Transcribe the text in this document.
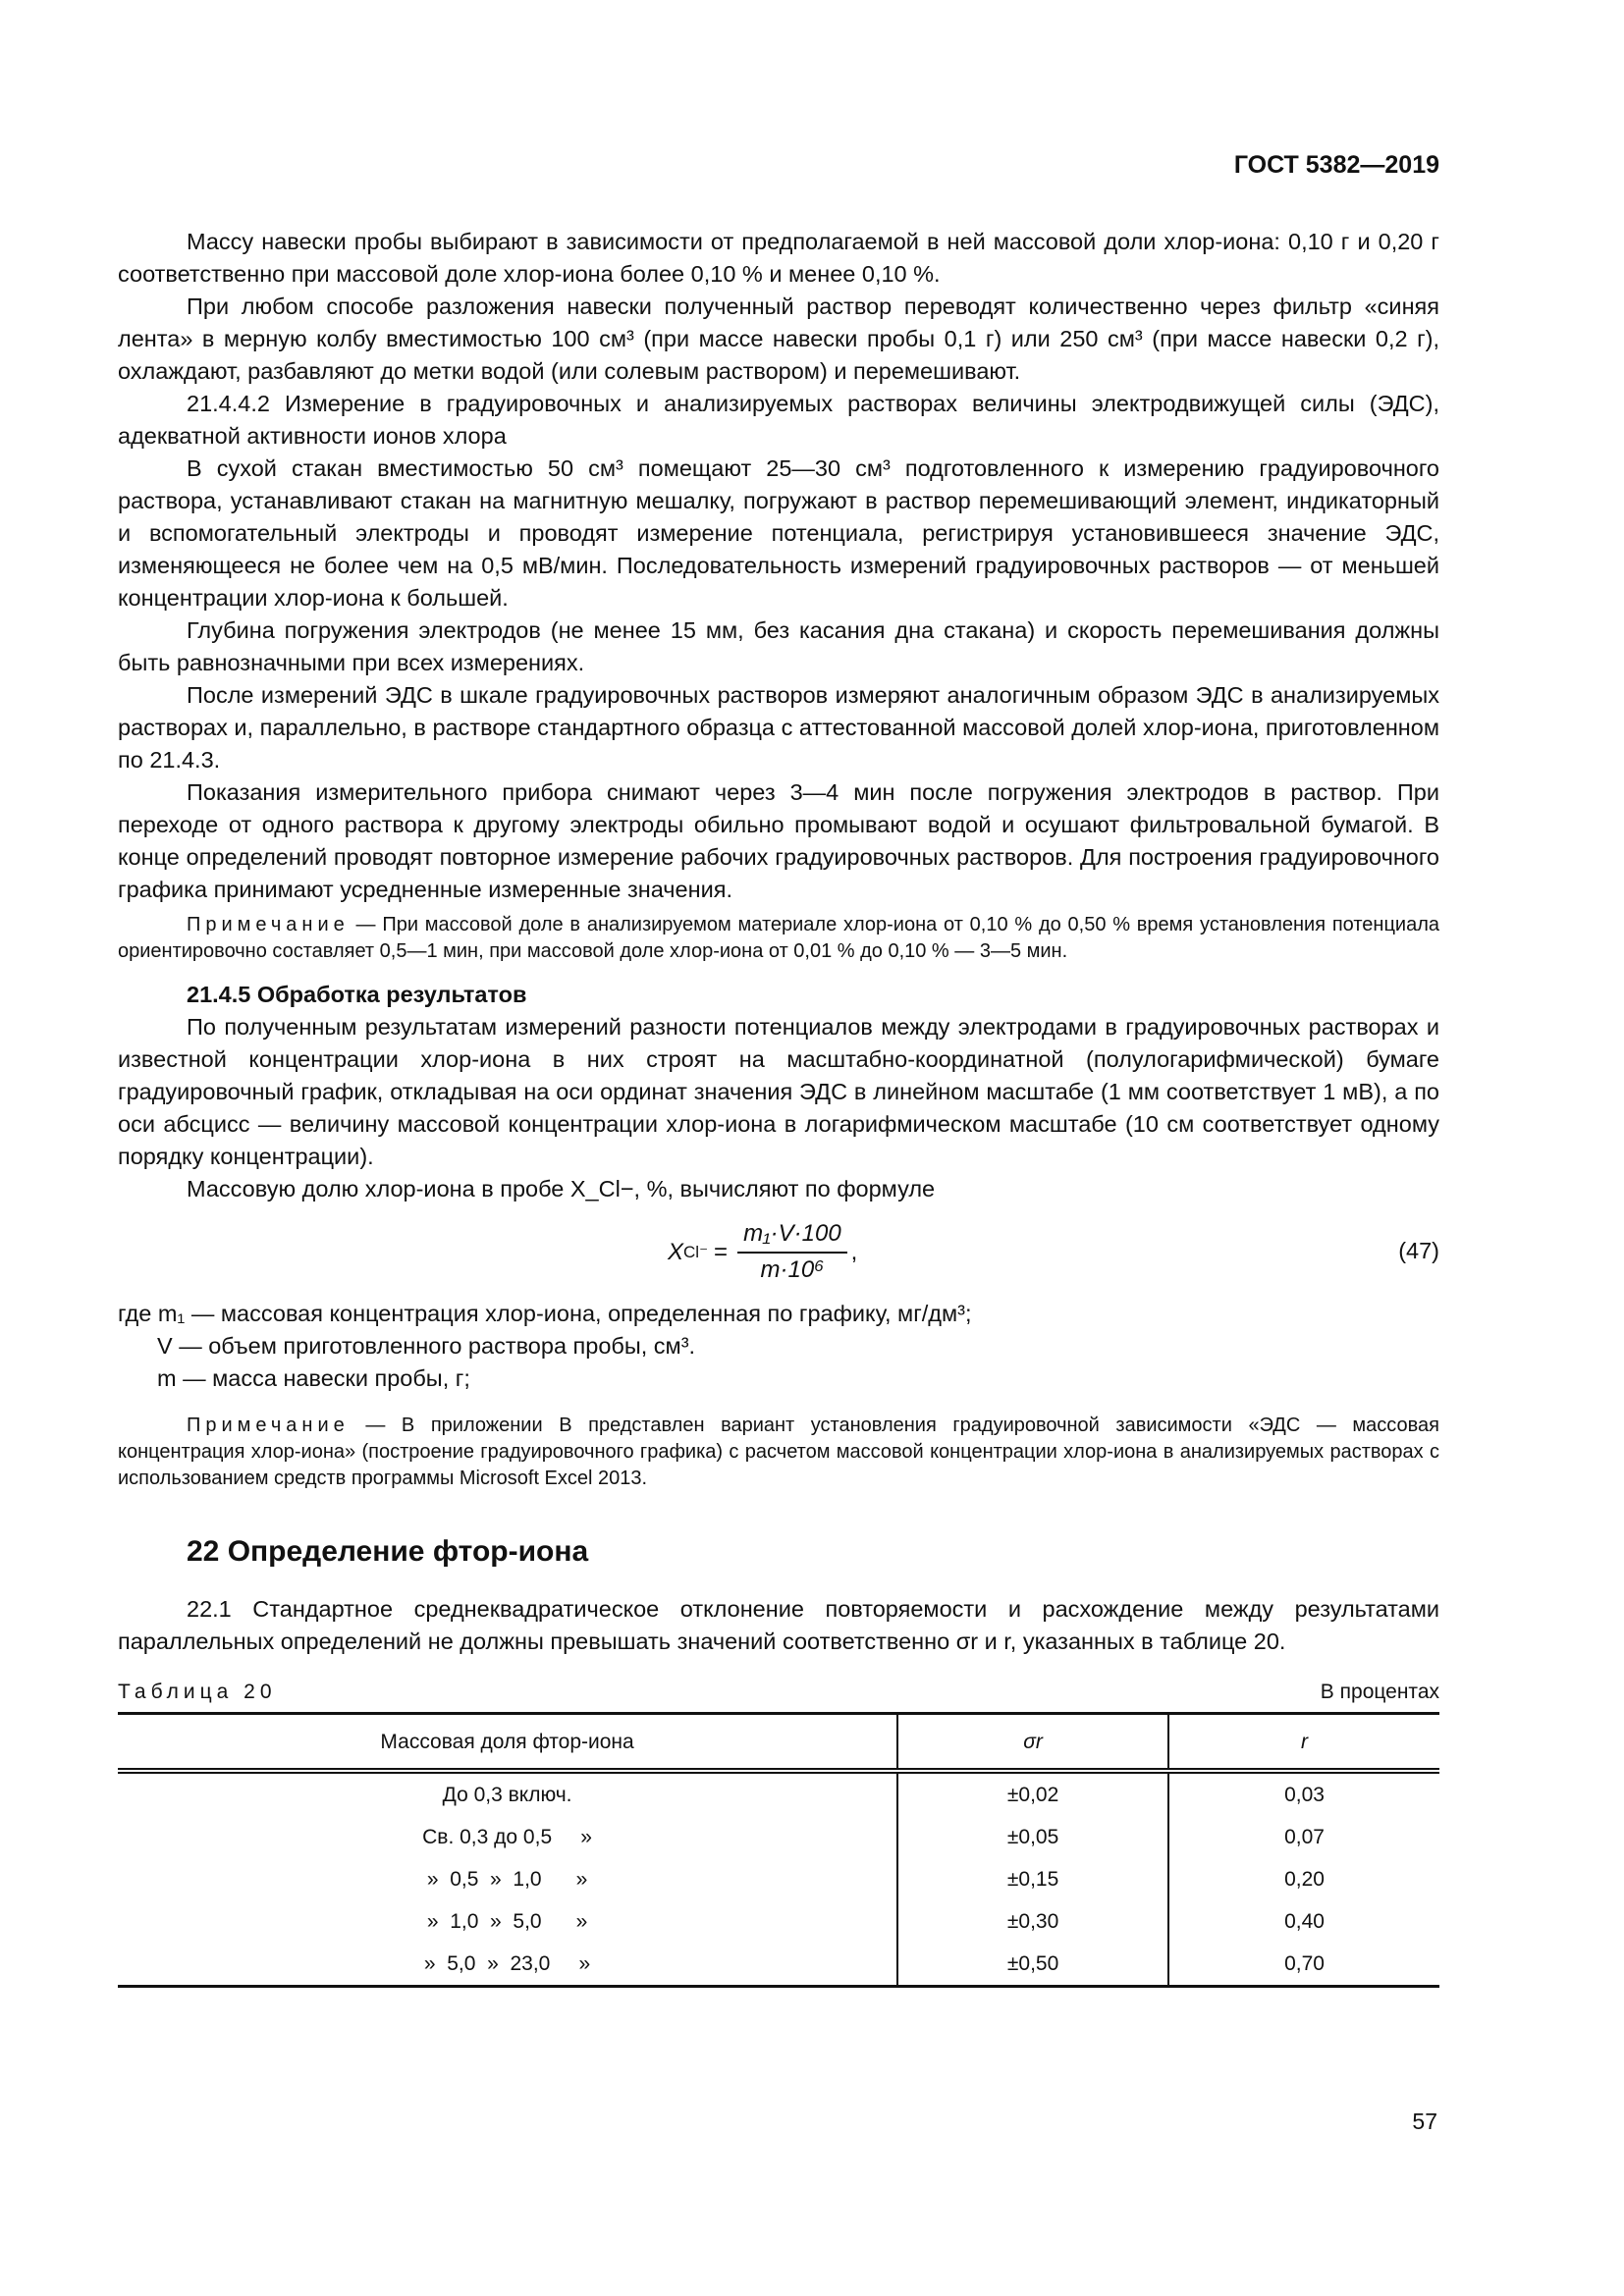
ГОСТ 5382—2019

Массу навески пробы выбирают в зависимости от предполагаемой в ней массовой доли хлор-иона: 0,10 г и 0,20 г соответственно при массовой доле хлор-иона более 0,10 % и менее 0,10 %.

При любом способе разложения навески полученный раствор переводят количественно через фильтр «синяя лента» в мерную колбу вместимостью 100 см³ (при массе навески пробы 0,1 г) или 250 см³ (при массе навески 0,2 г), охлаждают, разбавляют до метки водой (или солевым раствором) и перемешивают.

21.4.4.2 Измерение в градуировочных и анализируемых растворах величины электродвижущей силы (ЭДС), адекватной активности ионов хлора

В сухой стакан вместимостью 50 см³ помещают 25—30 см³ подготовленного к измерению градуировочного раствора, устанавливают стакан на магнитную мешалку, погружают в раствор перемешивающий элемент, индикаторный и вспомогательный электроды и проводят измерение потенциала, регистрируя установившееся значение ЭДС, изменяющееся не более чем на 0,5 мВ/мин. Последовательность измерений градуировочных растворов — от меньшей концентрации хлор-иона к большей.

Глубина погружения электродов (не менее 15 мм, без касания дна стакана) и скорость перемешивания должны быть равнозначными при всех измерениях.

После измерений ЭДС в шкале градуировочных растворов измеряют аналогичным образом ЭДС в анализируемых растворах и, параллельно, в растворе стандартного образца с аттестованной массовой долей хлор-иона, приготовленном по 21.4.3.

Показания измерительного прибора снимают через 3—4 мин после погружения электродов в раствор. При переходе от одного раствора к другому электроды обильно промывают водой и осушают фильтровальной бумагой. В конце определений проводят повторное измерение рабочих градуировочных растворов. Для построения градуировочного графика принимают усредненные измеренные значения.

Примечание — При массовой доле в анализируемом материале хлор-иона от 0,10 % до 0,50 % время установления потенциала ориентировочно составляет 0,5—1 мин, при массовой доле хлор-иона от 0,01 % до 0,10 % — 3—5 мин.

21.4.5 Обработка результатов

По полученным результатам измерений разности потенциалов между электродами в градуировочных растворах и известной концентрации хлор-иона в них строят на масштабно-координатной (полулогарифмической) бумаге градуировочный график, откладывая на оси ординат значения ЭДС в линейном масштабе (1 мм соответствует 1 мВ), а по оси абсцисс — величину массовой концентрации хлор-иона в логарифмическом масштабе (10 см соответствует одному порядку концентрации).

Массовую долю хлор-иона в пробе X_Cl−, %, вычисляют по формуле

X $Cl^- = \frac{\text{m₁·V·100}}{\text{m·10⁶}}$ ,	(47)

где m₁ — массовая концентрация хлор-иона, определенная по графику, мг/дм³;

V — объем приготовленного раствора пробы, см³.

m — масса навески пробы, г;

Примечание — В приложении В представлен вариант установления градуировочной зависимости «ЭДС — массовая концентрация хлор-иона» (построение градуировочного графика) с расчетом массовой концентрации хлор-иона в анализируемых растворах с использованием средств программы Microsoft Excel 2013.

22 Определение фтор-иона

22.1 Стандартное среднеквадратическое отклонение повторяемости и расхождение между результатами параллельных определений не должны превышать значений соответственно σr и r, указанных в таблице 20.

Таблица 20	В процентах
Массовая доля фтор-иона	σr	r
До 0,3 включ.	±0,02	0,03
Св. 0,3 до 0,5     »	±0,05	0,07
»  0,5  »  1,0      »	±0,15	0,20
»  1,0  »  5,0      »	±0,30	0,40
»  5,0  »  23,0     »	±0,50	0,70
57
